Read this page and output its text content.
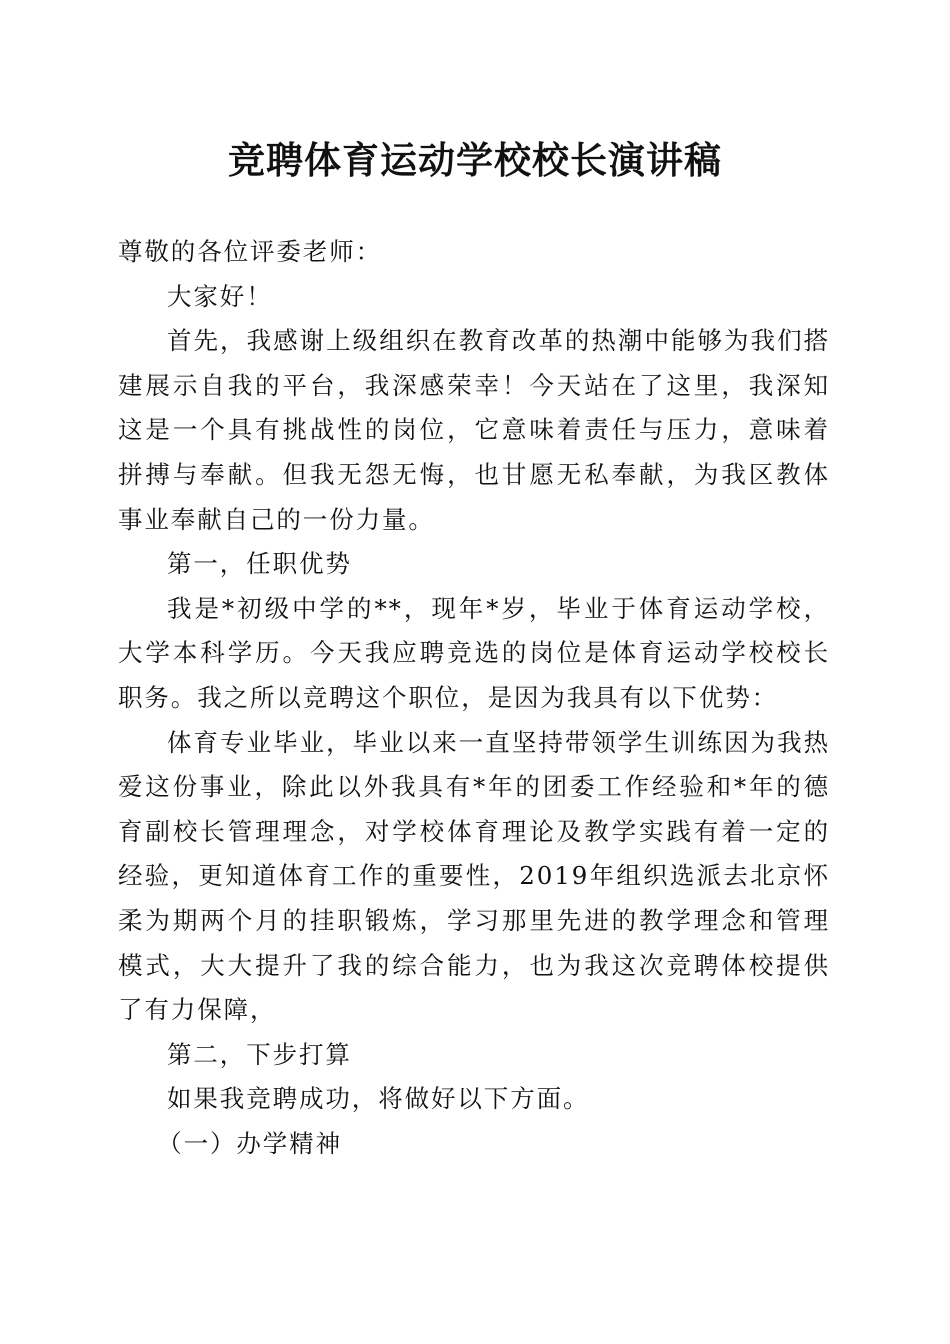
竞聘体育运动学校校长演讲稿

尊敬的各位评委老师：

大家好！

首先，我感谢上级组织在教育改革的热潮中能够为我们搭建展示自我的平台，我深感荣幸！今天站在了这里，我深知这是一个具有挑战性的岗位，它意味着责任与压力，意味着拼搏与奉献。但我无怨无悔，也甘愿无私奉献，为我区教体事业奉献自己的一份力量。

第一，任职优势

我是*初级中学的**，现年*岁，毕业于体育运动学校，大学本科学历。今天我应聘竞选的岗位是体育运动学校校长职务。我之所以竞聘这个职位，是因为我具有以下优势：

体育专业毕业，毕业以来一直坚持带领学生训练因为我热爱这份事业，除此以外我具有*年的团委工作经验和*年的德育副校长管理理念，对学校体育理论及教学实践有着一定的经验，更知道体育工作的重要性，2019年组织选派去北京怀柔为期两个月的挂职锻炼，学习那里先进的教学理念和管理模式，大大提升了我的综合能力，也为我这次竞聘体校提供了有力保障，

第二，下步打算

如果我竞聘成功，将做好以下方面。

（一）办学精神
